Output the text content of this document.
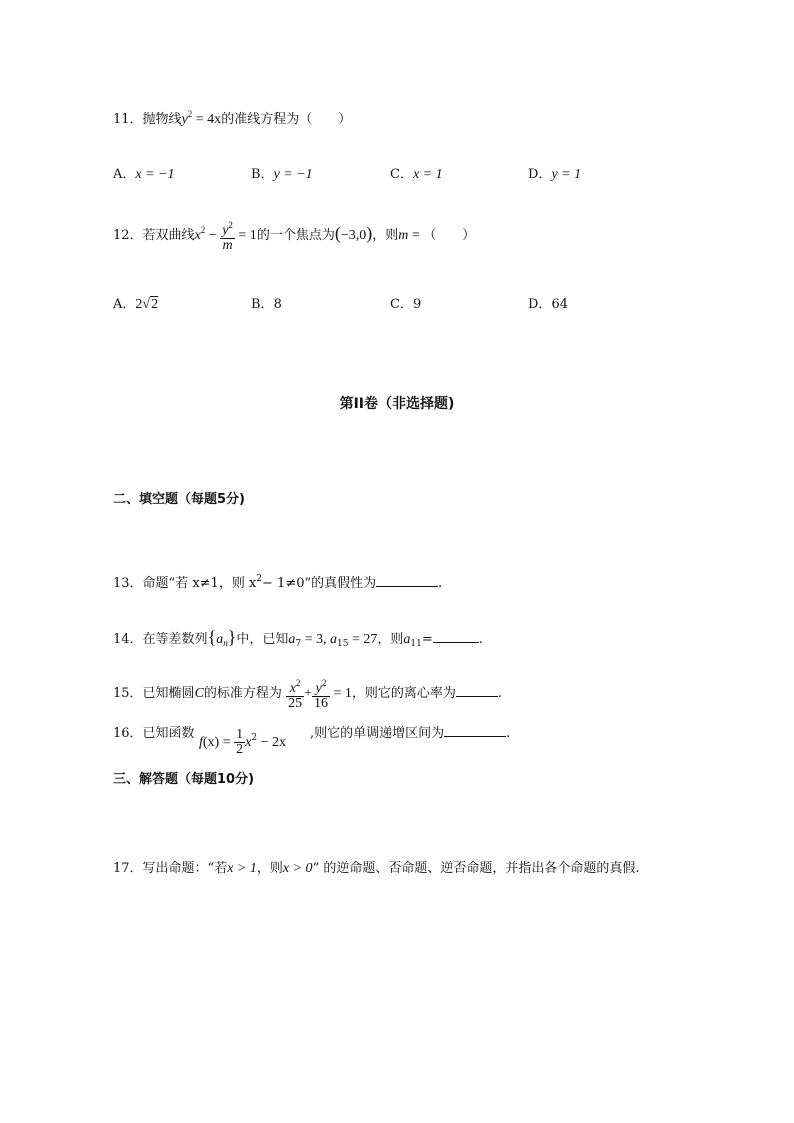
11．抛物线$y^2 = 4x$的准线方程为（　　）
A．x = −1	B．y = −1	C．x = 1	D．y = 1
12．若双曲线$x^2 - \frac{y^2}{m} = 1$的一个焦点为(−3,0)，则m = （　　）
A．2√2	B．8	C．9	D．64
第II卷（非选择题)
二、填空题（每题5分)
13．命题“若 x≠1，则 $x^2- 1\ne 0$”的真假性为	.
14．在等差数列$\{a_n\}$中，已知$a_7 = 3$, $a_{15} = 27$，则$a_{11}=$	.
15．已知椭圆C的标准方程为 $\frac{x^2}{25} + \frac{y^2}{16} = 1$，则它的离心率为	.
16．已知函数
$f(x) = \frac{1}{2} x^2 - 2x$
,则它的单调递增区间为	.
三、解答题（每题10分)
17．写出命题：“若x > 1，则x > 0” 的逆命题、否命题、逆否命题，并指出各个命题的真假.
